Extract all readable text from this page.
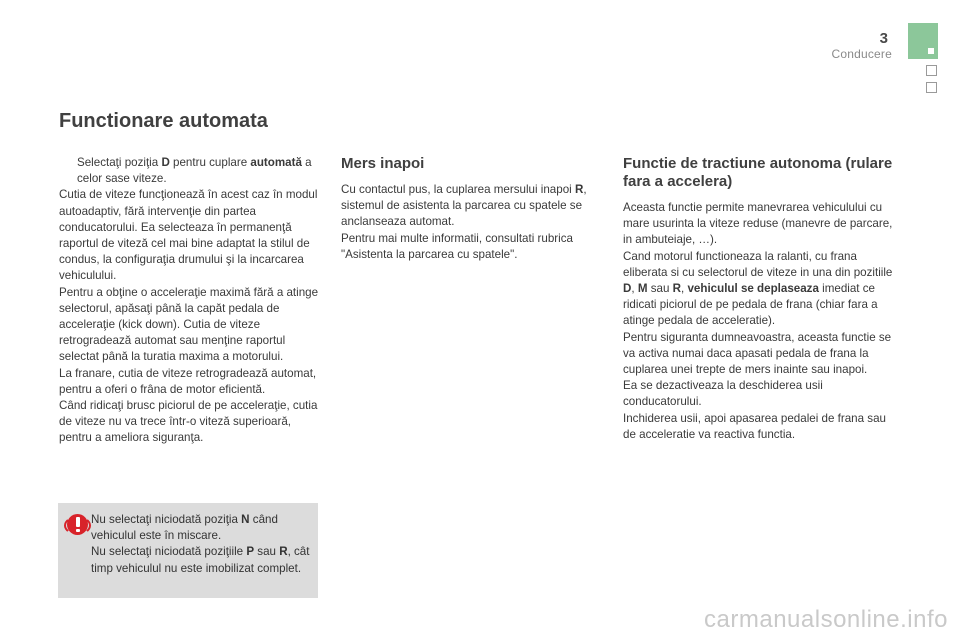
3
Conducere
Functionare automata
Selectaţi poziţia D pentru cuplare automată a celor sase viteze.

Cutia de viteze funcţionează în acest caz în modul autoadaptiv, fără intervenţie din partea conducatorului. Ea selecteaza în permanenţă raportul de viteză cel mai bine adaptat la stilul de condus, la configuraţia drumului şi la incarcarea vehiculului.
Pentru a obţine o acceleraţie maximă fără a atinge selectorul, apăsaţi până la capăt pedala de acceleraţie (kick down). Cutia de viteze retrogradează automat sau menţine raportul selectat până la turatia maxima a motorului.
La franare, cutia de viteze retrogradează automat, pentru a oferi o frâna de motor eficientă.
Când ridicaţi brusc piciorul de pe acceleraţie, cutia de viteze nu va trece într-o viteză superioară, pentru a ameliora siguranţa.

Mers inapoi

Cu contactul pus, la cuplarea mersului inapoi R, sistemul de asistenta la parcarea cu spatele se anclanseaza automat.

Pentru mai multe informatii, consultati rubrica "Asistenta la parcarea cu spatele".

Functie de tractiune autonoma (rulare fara a accelera)

Aceasta functie permite manevrarea vehiculului cu mare usurinta la viteze reduse (manevre de parcare, in ambuteiaje, …).

Cand motorul functioneaza la ralanti, cu frana eliberata si cu selectorul de viteze in una din pozitiile D, M sau R, vehiculul se deplaseaza imediat ce ridicati piciorul de pe pedala de frana (chiar fara a atinge pedala de acceleratie).

Pentru siguranta dumneavoastra, aceasta functie se va activa numai daca apasati pedala de frana la cuplarea unei trepte de mers inainte sau inapoi.

Ea se dezactiveaza la deschiderea usii conducatorului.

Inchiderea usii, apoi apasarea pedalei de frana sau de acceleratie va reactiva functia.

Nu selectaţi niciodată poziţia N când vehiculul este în miscare.

Nu selectaţi niciodată poziţiile P sau R, cât timp vehiculul nu este imobilizat complet.

carmanualsonline.info
